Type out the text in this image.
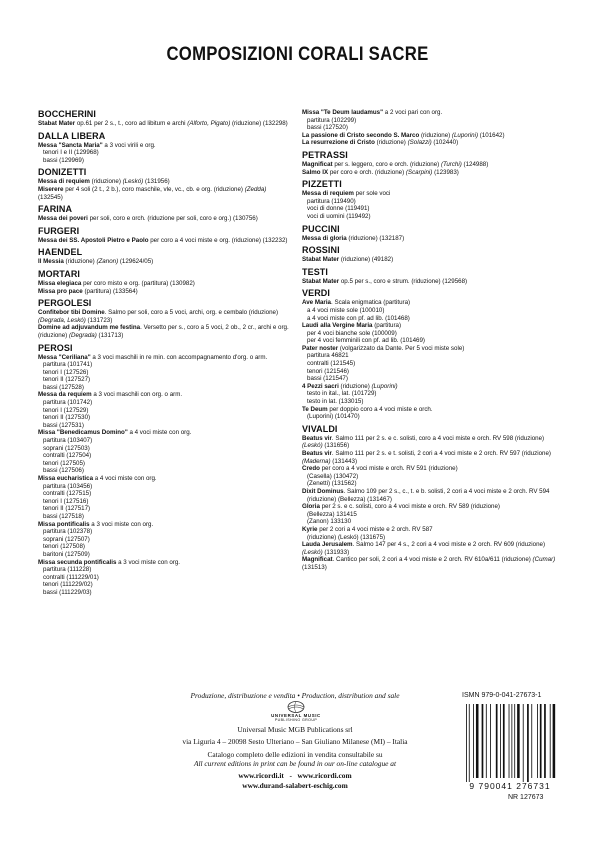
COMPOSIZIONI CORALI SACRE
BOCCHERINI
Stabat Mater op.61 per 2 s., t., coro ad libitum e archi (Alforto, Pigato) (riduzione) (132298)
DALLA LIBERA
Messa "Sancta Maria" a 3 voci virili e org.
tenori I e II (129968)
bassi (129969)
DONIZETTI
Messa di requiem (riduzione) (Leskó) (131956)
Miserere per 4 soli (2 t., 2 b.), coro maschile, vle, vc., cb. e org. (riduzione) (Zedda) (132545)
FARINA
Messa dei poveri per soli, coro e orch. (riduzione per soli, coro e org.) (130756)
FURGERI
Messa dei SS. Apostoli Pietro e Paolo per coro a 4 voci miste e org. (riduzione) (132232)
HAENDEL
Il Messia (riduzione) (Zanon) (129624/05)
MORTARI
Missa elegiaca per coro misto e org. (partitura) (130982)
Missa pro pace (partitura) (133564)
PERGOLESI
Confitebor tibi Domine. Salmo per soli, coro a 5 voci, archi, org. e cembalo (riduzione) (Degrada, Leskó) (131723)
Domine ad adjuvandum me festina. Versetto per s., coro a 5 voci, 2 ob., 2 cr., archi e org. (riduzione) (Degrada) (131713)
PEROSI
Messa "Ceriliana" a 3 voci maschili in re min. con accompagnamento d'org. o arm.
partitura (101741)
tenori I (127526)
tenori II (127527)
bassi (127528)
Messa da requiem a 3 voci maschili con org. o arm.
partitura (101742)
tenori I (127529)
tenori II (127530)
bassi (127531)
Missa "Benedicamus Domino" a 4 voci miste con org.
partitura (103407)
soprani (127503)
contralti (127504)
tenori (127505)
bassi (127506)
Missa eucharistica a 4 voci miste con org.
partitura (103456)
contralti (127515)
tenori I (127516)
tenori II (127517)
bassi (127518)
Missa pontificalis a 3 voci miste con org.
partitura (102378)
soprani (127507)
tenori (127508)
baritoni (127509)
Missa secunda pontificalis a 3 voci miste con org.
partitura (111228)
contralti (111229/01)
tenori (111229/02)
bassi (111229/03)
Missa "Te Deum laudamus" a 2 voci pari con org.
partitura (102299)
bassi (127520)
La passione di Cristo secondo S. Marco (riduzione) (Luporini) (101642)
La resurrezione di Cristo (riduzione) (Solazzi) (102440)
PETRASSI
Magnificat per s. leggero, coro e orch. (riduzione) (Turchi) (124988)
Salmo IX per coro e orch. (riduzione) (Scarpini) (123983)
PIZZETTI
Messa di requiem per sole voci
partitura (119490)
voci di donne (119491)
voci di uomini (119492)
PUCCINI
Messa di gloria (riduzione) (132187)
ROSSINI
Stabat Mater (riduzione) (49182)
TESTI
Stabat Mater op.5 per s., coro e strum. (riduzione) (129568)
VERDI
Ave Maria. Scala enigmatica (partitura)
a 4 voci miste sole (100010)
a 4 voci miste con pf. ad lib. (101468)
Laudi alla Vergine Maria (partitura)
per 4 voci bianche sole (100009)
per 4 voci femminili con pf. ad lib. (101469)
Pater noster (volgarizzato da Dante. Per 5 voci miste sole)
partitura 46821
contralti (121545)
tenori (121546)
bassi (121547)
4 Pezzi sacri (riduzione) (Luporini)
testo in ital., lat. (101729)
testo in lat. (133015)
Te Deum per doppio coro a 4 voci miste e orch.
(Luporini) (101470)
VIVALDI
Beatus vir. Salmo 111 per 2 s. e c. solisti, coro a 4 voci miste e orch. RV 598 (riduzione) (Leskó) (131656)
Beatus vir. Salmo 111 per 2 s. e t. solisti, 2 cori a 4 voci miste e 2 orch. RV 597 (riduzione) (Maderna) (131443)
Credo per coro a 4 voci miste e orch. RV 591 (riduzione)
(Casella) (130472)
(Zenetti) (131562)
Dixit Dominus. Salmo 109 per 2 s., c., t. e b. solisti, 2 cori a 4 voci miste e 2 orch. RV 594
(riduzione) (Bellezza) (131467)
Gloria per 2 s. e c. solisti, coro a 4 voci miste e orch. RV 589 (riduzione)
(Bellezza) 131415
(Zanon) 133130
Kyrie per 2 cori a 4 voci miste e 2 orch. RV 587
(riduzione) (Leskó) (131675)
Lauda Jerusalem. Salmo 147 per 4 s., 2 cori a 4 voci miste e 2 orch. RV 609 (riduzione) (Leskó) (131933)
Magnificat. Cantico per soli, 2 cori a 4 voci miste e 2 orch. RV 610a/611 (riduzione) (Cumar) (131513)
Produzione, distribuzione e vendita • Production, distribution and sale
UNIVERSAL MUSIC
PUBLISHING GROUP
Universal Music MGB Publications srl
via Liguria 4 – 20098 Sesto Ulteriano – San Giuliano Milanese (MI) – Italia
Catalogo completo delle edizioni in vendita consultabile su
All current editions in print can be found in our on-line catalogue at
www.ricordi.it   -   www.ricordi.com
www.durand-salabert-eschig.com
ISMN 979-0-041-27673-1
9 790041 276731
NR 127673
